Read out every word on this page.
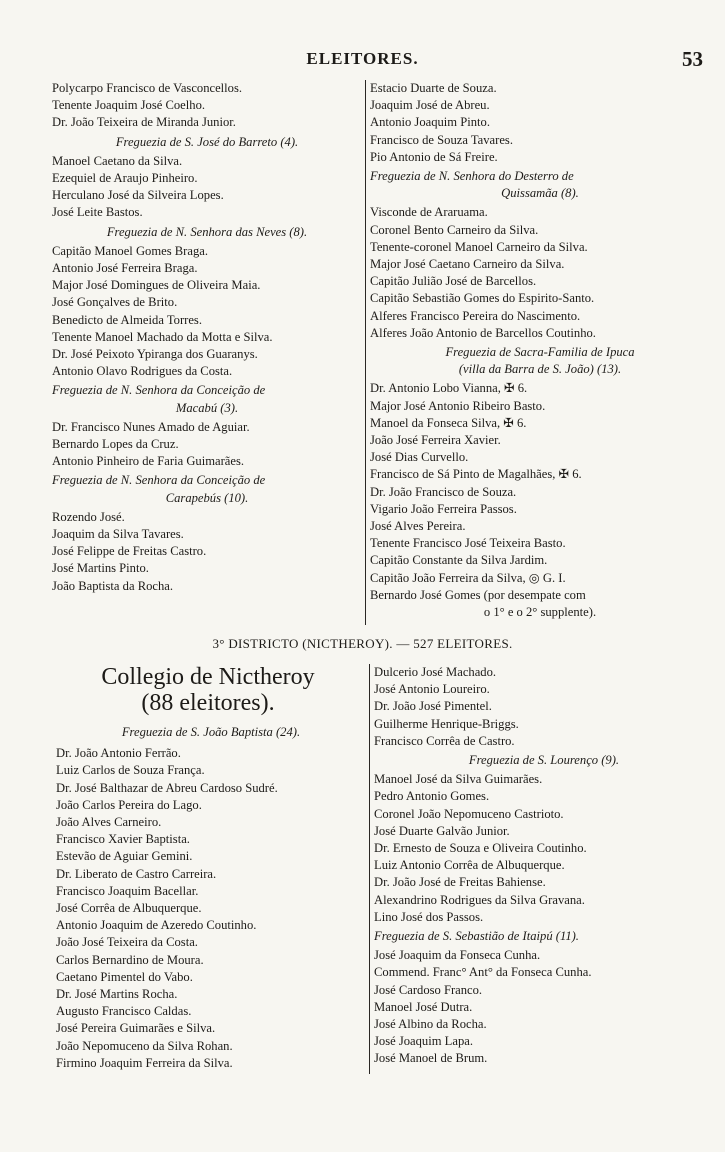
ELEITORES.	53
Polycarpo Francisco de Vasconcellos.
Tenente Joaquim José Coelho.
Dr. João Teixeira de Miranda Junior.
Freguezia de S. José do Barreto (4).
Manoel Caetano da Silva.
Ezequiel de Araujo Pinheiro.
Herculano José da Silveira Lopes.
José Leite Bastos.
Freguezia de N. Senhora das Neves (8).
Capitão Manoel Gomes Braga.
Antonio José Ferreira Braga.
Major José Domingues de Oliveira Maia.
José Gonçalves de Brito.
Benedicto de Almeida Torres.
Tenente Manoel Machado da Motta e Silva.
Dr. José Peixoto Ypiranga dos Guaranys.
Antonio Olavo Rodrigues da Costa.
Freguezia de N. Senhora da Conceição de
Macabú (3).
Dr. Francisco Nunes Amado de Aguiar.
Bernardo Lopes da Cruz.
Antonio Pinheiro de Faria Guimarães.
Freguezia de N. Senhora da Conceição de
Carapebús (10).
Rozendo José.
Joaquim da Silva Tavares.
José Felippe de Freitas Castro.
José Martins Pinto.
João Baptista da Rocha.
Estacio Duarte de Souza.
Joaquim José de Abreu.
Antonio Joaquim Pinto.
Francisco de Souza Tavares.
Pio Antonio de Sá Freire.
Freguezia de N. Senhora do Desterro de
Quissamãa (8).
Visconde de Araruama.
Coronel Bento Carneiro da Silva.
Tenente-coronel Manoel Carneiro da Silva.
Major José Caetano Carneiro da Silva.
Capitão Julião José de Barcellos.
Capitão Sebastião Gomes do Espirito-Santo.
Alferes Francisco Pereira do Nascimento.
Alferes João Antonio de Barcellos Coutinho.
Freguezia de Sacra-Familia de Ipuca
(villa da Barra de S. João) (13).
Dr. Antonio Lobo Vianna, ✠ 6.
Major José Antonio Ribeiro Basto.
Manoel da Fonseca Silva, ✠ 6.
João José Ferreira Xavier.
José Dias Curvello.
Francisco de Sá Pinto de Magalhães, ✠ 6.
Dr. João Francisco de Souza.
Vigario João Ferreira Passos.
José Alves Pereira.
Tenente Francisco José Teixeira Basto.
Capitão Constante da Silva Jardim.
Capitão João Ferreira da Silva, ◎ G. I.
Bernardo José Gomes (por desempate com
o 1° e o 2° supplente).
3° DISTRICTO (NICTHEROY). — 527 ELEITORES.
Collegio de Nictheroy
(88 eleitores).
Freguezia de S. João Baptista (24).
Dr. João Antonio Ferrão.
Luiz Carlos de Souza França.
Dr. José Balthazar de Abreu Cardoso Sudré.
João Carlos Pereira do Lago.
João Alves Carneiro.
Francisco Xavier Baptista.
Estevão de Aguiar Gemini.
Dr. Liberato de Castro Carreira.
Francisco Joaquim Bacellar.
José Corrêa de Albuquerque.
Antonio Joaquim de Azeredo Coutinho.
João José Teixeira da Costa.
Carlos Bernardino de Moura.
Caetano Pimentel do Vabo.
Dr. José Martins Rocha.
Augusto Francisco Caldas.
José Pereira Guimarães e Silva.
João Nepomuceno da Silva Rohan.
Firmino Joaquim Ferreira da Silva.
Dulcerio José Machado.
José Antonio Loureiro.
Dr. João José Pimentel.
Guilherme Henrique-Briggs.
Francisco Corrêa de Castro.
Freguezia de S. Lourenço (9).
Manoel José da Silva Guimarães.
Pedro Antonio Gomes.
Coronel João Nepomuceno Castrioto.
José Duarte Galvão Junior.
Dr. Ernesto de Souza e Oliveira Coutinho.
Luiz Antonio Corrêa de Albuquerque.
Dr. João José de Freitas Bahiense.
Alexandrino Rodrigues da Silva Gravana.
Lino José dos Passos.
Freguezia de S. Sebastião de Itaipú (11).
José Joaquim da Fonseca Cunha.
Commend. Franc° Ant° da Fonseca Cunha.
José Cardoso Franco.
Manoel José Dutra.
José Albino da Rocha.
José Joaquim Lapa.
José Manoel de Brum.
